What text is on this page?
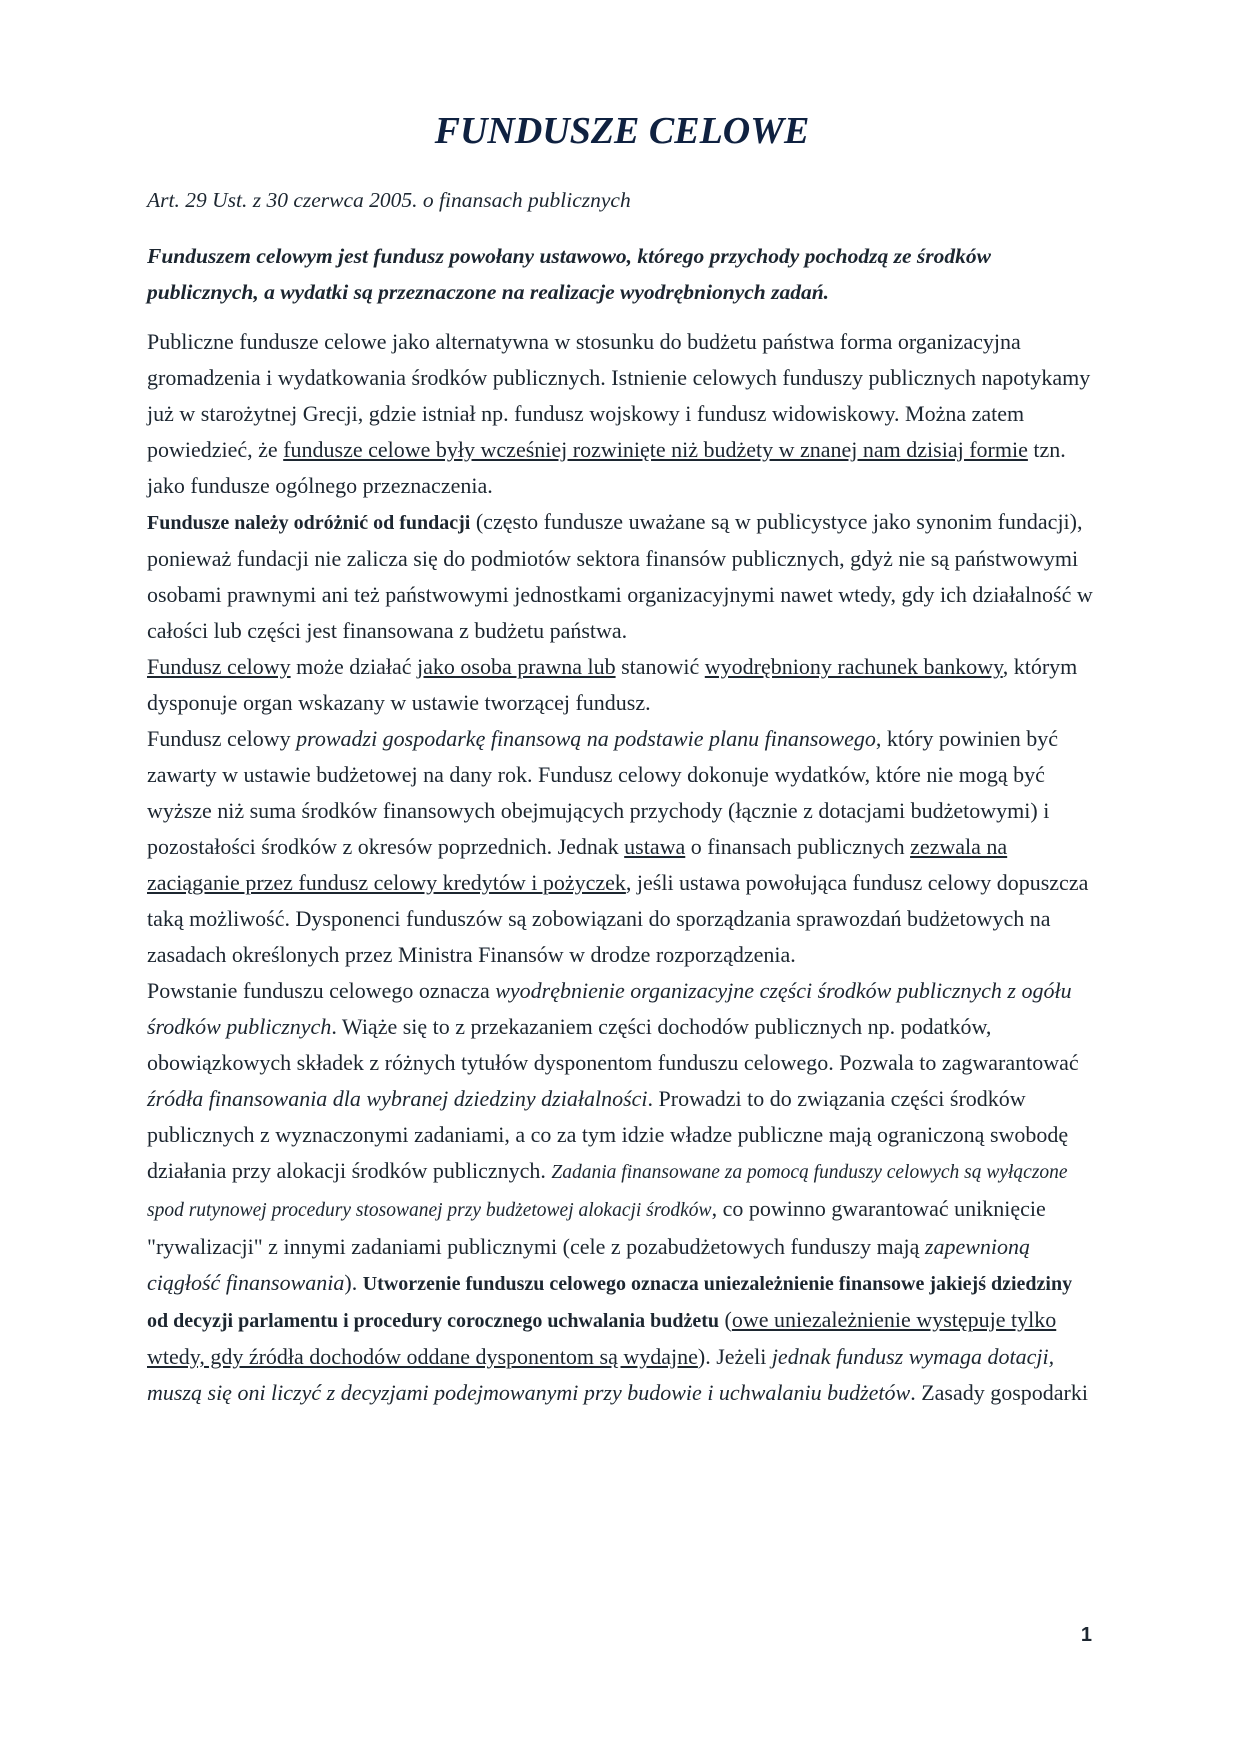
FUNDUSZE CELOWE
Art. 29 Ust. z 30 czerwca 2005. o finansach publicznych
Funduszem celowym jest fundusz powołany ustawowo, którego przychody pochodzą ze środków publicznych, a wydatki są przeznaczone na realizacje wyodrębnionych zadań.

Publiczne fundusze celowe jako alternatywna w stosunku do budżetu państwa forma organizacyjna gromadzenia i wydatkowania środków publicznych. Istnienie celowych funduszy publicznych napotykamy już w starożytnej Grecji, gdzie istniał np. fundusz wojskowy i fundusz widowiskowy. Można zatem powiedzieć, że fundusze celowe były wcześniej rozwinięte niż budżety w znanej nam dzisiaj formie tzn. jako fundusze ogólnego przeznaczenia.

Fundusze należy odróżnić od fundacji (często fundusze uważane są w publicystyce jako synonim fundacji), ponieważ fundacji nie zalicza się do podmiotów sektora finansów publicznych, gdyż nie są państwowymi osobami prawnymi ani też państwowymi jednostkami organizacyjnymi nawet wtedy, gdy ich działalność w całości lub części jest finansowana z budżetu państwa.

Fundusz celowy może działać jako osoba prawna lub stanowić wyodrębniony rachunek bankowy, którym dysponuje organ wskazany w ustawie tworzącej fundusz.

Fundusz celowy prowadzi gospodarkę finansową na podstawie planu finansowego, który powinien być zawarty w ustawie budżetowej na dany rok. Fundusz celowy dokonuje wydatków, które nie mogą być wyższe niż suma środków finansowych obejmujących przychody (łącznie z dotacjami budżetowymi) i pozostałości środków z okresów poprzednich. Jednak ustawa o finansach publicznych zezwala na zaciąganie przez fundusz celowy kredytów i pożyczek, jeśli ustawa powołująca fundusz celowy dopuszcza taką możliwość. Dysponenci funduszów są zobowiązani do sporządzania sprawozdań budżetowych na zasadach określonych przez Ministra Finansów w drodze rozporządzenia.

Powstanie funduszu celowego oznacza wyodrębnienie organizacyjne części środków publicznych z ogółu środków publicznych. Wiąże się to z przekazaniem części dochodów publicznych np. podatków, obowiązkowych składek z różnych tytułów dysponentom funduszu celowego. Pozwala to zagwarantować źródła finansowania dla wybranej dziedziny działalności. Prowadzi to do związania części środków publicznych z wyznaczonymi zadaniami, a co za tym idzie władze publiczne mają ograniczoną swobodę działania przy alokacji środków publicznych. Zadania finansowane za pomocą funduszy celowych są wyłączone spod rutynowej procedury stosowanej przy budżetowej alokacji środków, co powinno gwarantować uniknięcie "rywalizacji" z innymi zadaniami publicznymi (cele z pozabudżetowych funduszy mają zapewnioną ciągłość finansowania). Utworzenie funduszu celowego oznacza uniezależnienie finansowe jakiejś dziedziny od decyzji parlamentu i procedury corocznego uchwalania budżetu (owe uniezależnienie występuje tylko wtedy, gdy źródła dochodów oddane dysponentom są wydajne). Jeżeli jednak fundusz wymaga dotacji, muszą się oni liczyć z decyzjami podejmowanymi przy budowie i uchwalaniu budżetów. Zasady gospodarki

1
